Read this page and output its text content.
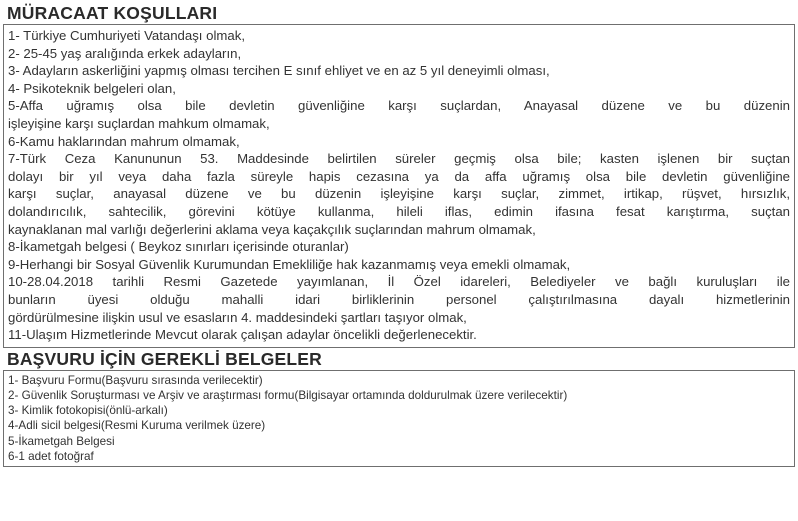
MÜRACAAT KOŞULLARI
1- Türkiye Cumhuriyeti Vatandaşı olmak,
2- 25-45 yaş aralığında erkek adayların,
3- Adayların askerliğini yapmış olması tercihen E sınıf ehliyet ve en az 5 yıl deneyimli olması,
4- Psikoteknik belgeleri olan,
5-Affa uğramış olsa bile devletin güvenliğine karşı suçlardan, Anayasal düzene ve bu düzenin
işleyişine karşı suçlardan mahkum olmamak,
6-Kamu haklarından mahrum olmamak,
7-Türk Ceza Kanununun 53. Maddesinde belirtilen süreler geçmiş olsa bile; kasten işlenen bir suçtan
dolayı bir yıl veya daha fazla süreyle hapis cezasına ya da affa uğramış olsa bile devletin güvenliğine
karşı suçlar, anayasal düzene ve bu düzenin işleyişine karşı suçlar, zimmet, irtikap, rüşvet, hırsızlık,
dolandırıcılık, sahtecilik, görevini kötüye kullanma, hileli iflas, edimin ifasına fesat karıştırma, suçtan
kaynaklanan mal varlığı değerlerini aklama veya kaçakçılık suçlarından mahrum olmamak,
8-İkametgah belgesi ( Beykoz sınırları içerisinde oturanlar)
9-Herhangi bir Sosyal Güvenlik Kurumundan Emekliliğe hak kazanmamış veya emekli olmamak,
10-28.04.2018 tarihli Resmi Gazetede yayımlanan, İl Özel idareleri, Belediyeler ve bağlı kuruluşları ile
bunların üyesi olduğu mahalli idari birliklerinin personel çalıştırılmasına dayalı hizmetlerinin
gördürülmesine ilişkin usul ve esasların 4. maddesindeki şartları taşıyor olmak,
11-Ulaşım Hizmetlerinde Mevcut olarak çalışan adaylar öncelikli değerlenecektir.
BAŞVURU İÇİN GEREKLİ BELGELER
1- Başvuru Formu(Başvuru sırasında verilecektir)
2- Güvenlik Soruşturması ve Arşiv ve araştırması formu(Bilgisayar ortamında doldurulmak üzere verilecektir)
3- Kimlik fotokopisi(önlü-arkalı)
4-Adli sicil belgesi(Resmi Kuruma verilmek üzere)
5-İkametgah Belgesi
6-1 adet fotoğraf
